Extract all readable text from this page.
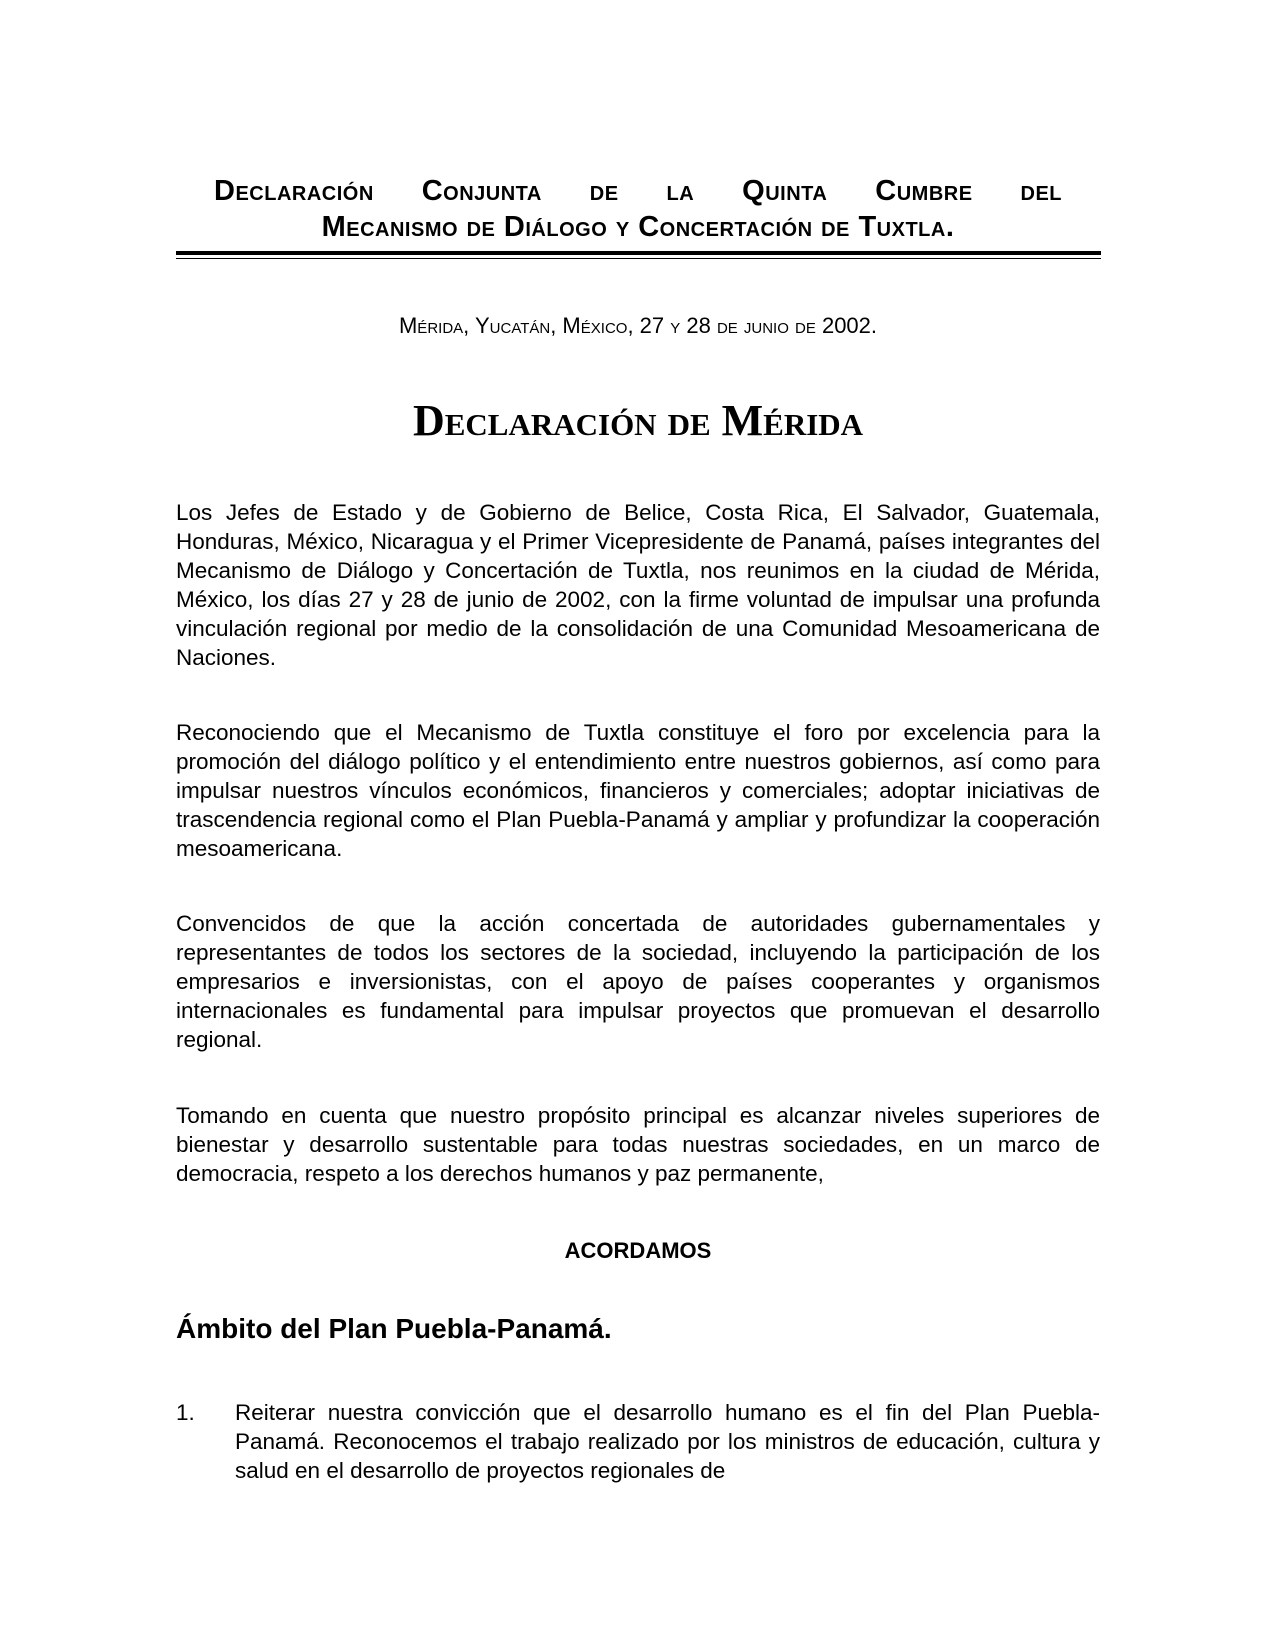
Declaración Conjunta de la Quinta Cumbre del
Mecanismo de Diálogo y Concertación de Tuxtla.
Mérida, Yucatán, México, 27 y 28 de junio de 2002.
Declaración de Mérida

Los Jefes de Estado y de Gobierno de Belice, Costa Rica, El Salvador, Guatemala, Honduras, México, Nicaragua y el Primer Vicepresidente de Panamá, países integrantes del Mecanismo de Diálogo y Concertación de Tuxtla, nos reunimos en la ciudad de Mérida, México, los días 27 y 28 de junio de 2002, con la firme voluntad de impulsar una profunda vinculación regional por medio de la consolidación de una Comunidad Mesoamericana de Naciones.

Reconociendo que el Mecanismo de Tuxtla constituye el foro por excelencia para la promoción del diálogo político y el entendimiento entre nuestros gobiernos, así como para impulsar nuestros vínculos económicos, financieros y comerciales; adoptar iniciativas de trascendencia regional como el Plan Puebla-Panamá y ampliar y profundizar la cooperación mesoamericana.

Convencidos de que la acción concertada de autoridades gubernamentales y representantes de todos los sectores de la sociedad, incluyendo la participación de los empresarios e inversionistas, con el apoyo de países cooperantes y organismos internacionales es fundamental para impulsar proyectos que promuevan el desarrollo regional.

Tomando en cuenta que nuestro propósito principal es alcanzar niveles superiores de bienestar y desarrollo sustentable para todas nuestras sociedades, en un marco de democracia, respeto a los derechos humanos y paz permanente,

ACORDAMOS
Ámbito del Plan Puebla-Panamá.
1.	Reiterar nuestra convicción que el desarrollo humano es el fin del Plan Puebla-Panamá. Reconocemos el trabajo realizado por los ministros de educación, cultura y salud en el desarrollo de proyectos regionales de
